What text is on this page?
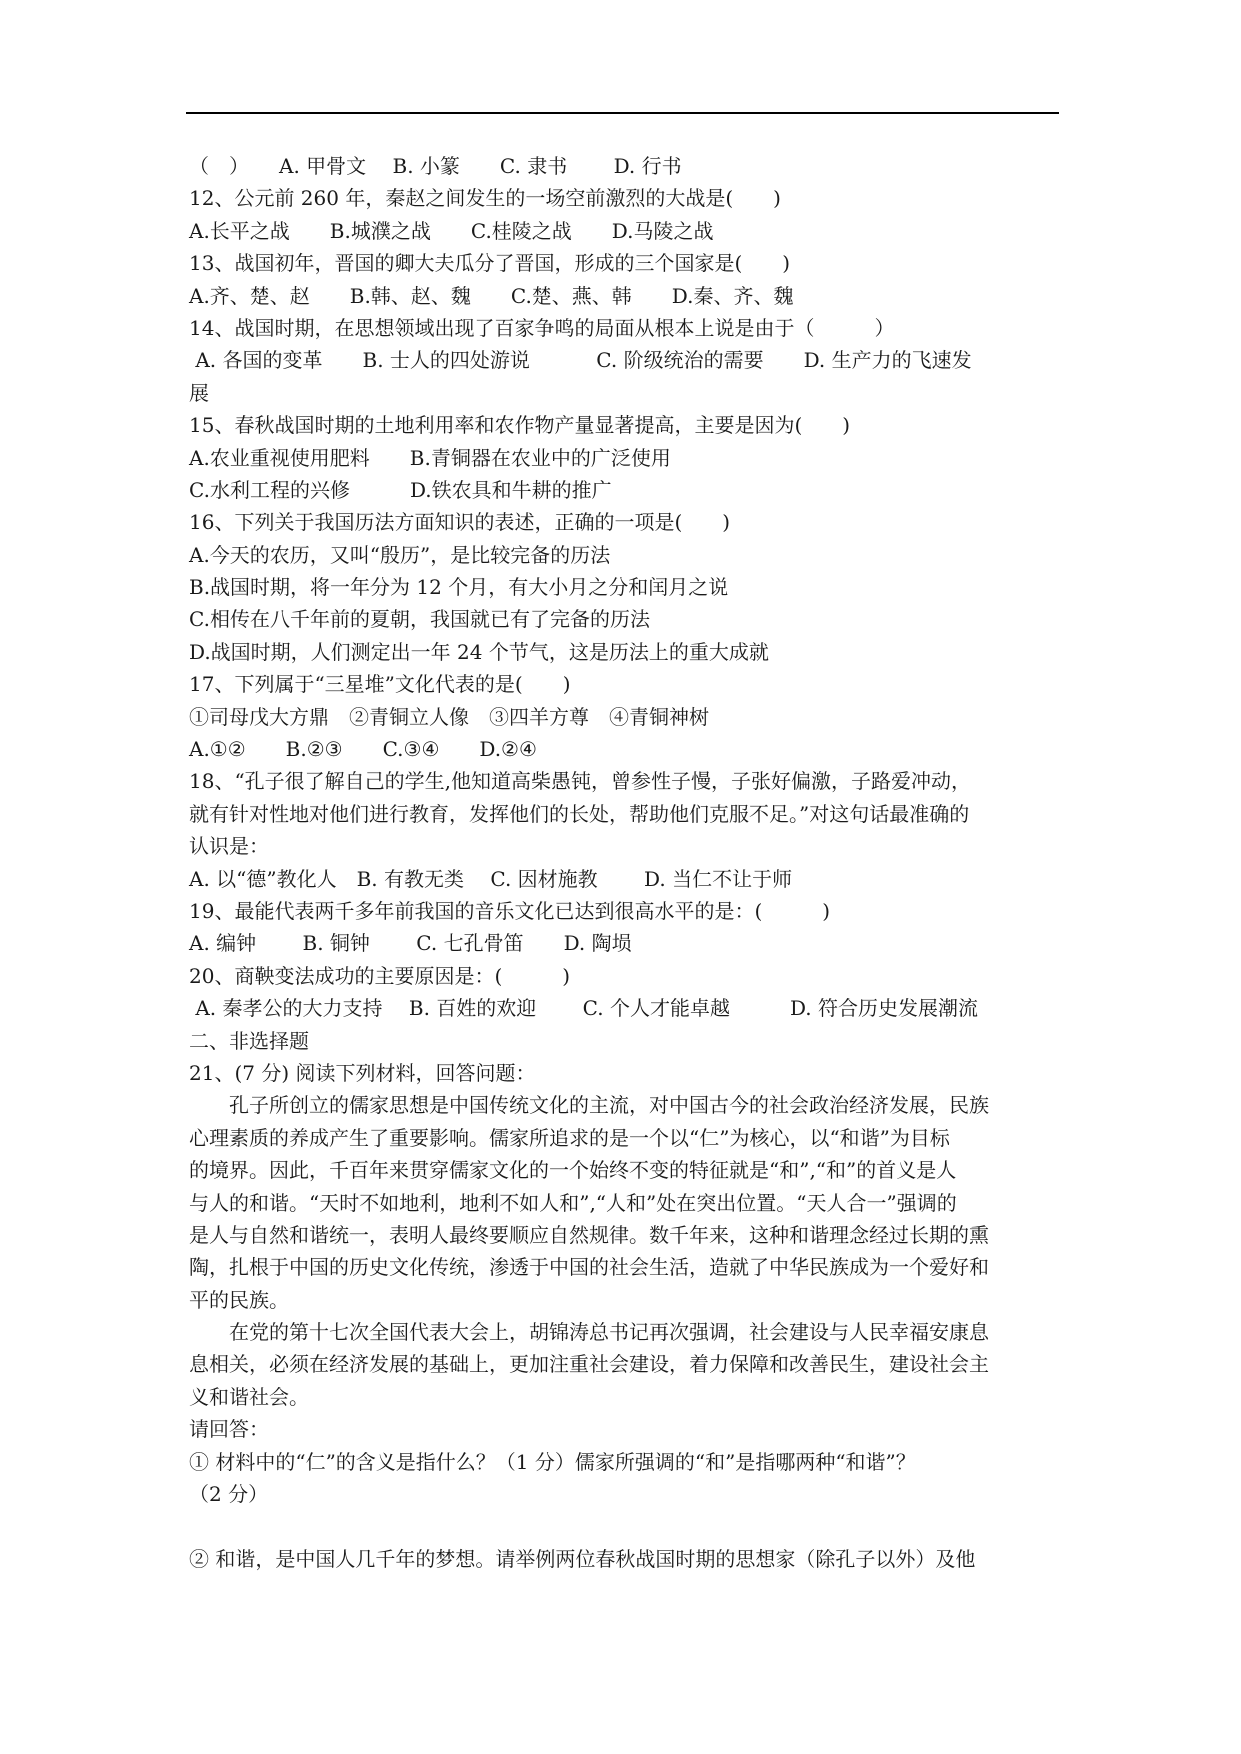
（　）　　A. 甲骨文　 B. 小篆　　C. 隶书　　 D. 行书
12、公元前 260 年，秦赵之间发生的一场空前激烈的大战是(　　)
A.长平之战　　B.城濮之战　　C.桂陵之战　　D.马陵之战
13、战国初年，晋国的卿大夫瓜分了晋国，形成的三个国家是(　　)
A.齐、楚、赵　　B.韩、赵、魏　　C.楚、燕、韩　　D.秦、齐、魏
14、战国时期，在思想领域出现了百家争鸣的局面从根本上说是由于（　　　）
A. 各国的变革　　B. 士人的四处游说　　　 C. 阶级统治的需要　　D. 生产力的飞速发
展
15、春秋战国时期的土地利用率和农作物产量显著提高，主要是因为(　　)
A.农业重视使用肥料　　B.青铜器在农业中的广泛使用
C.水利工程的兴修　　　D.铁农具和牛耕的推广
16、下列关于我国历法方面知识的表述，正确的一项是(　　)
A.今天的农历，又叫“殷历”，是比较完备的历法
B.战国时期，将一年分为 12 个月，有大小月之分和闰月之说
C.相传在八千年前的夏朝，我国就已有了完备的历法
D.战国时期，人们测定出一年 24 个节气，这是历法上的重大成就
17、下列属于“三星堆”文化代表的是(　　)
①司母戊大方鼎　②青铜立人像　③四羊方尊　④青铜神树
A.①②　　B.②③　　C.③④　　D.②④
18、“孔子很了解自己的学生,他知道高柴愚钝，曾参性子慢，子张好偏激，子路爱冲动，
就有针对性地对他们进行教育，发挥他们的长处，帮助他们克服不足。”对这句话最准确的
认识是：
A. 以“德”教化人　B. 有教无类　 C. 因材施教　　 D. 当仁不让于师
19、最能代表两千多年前我国的音乐文化已达到很高水平的是：(　　　)
A. 编钟　　 B. 铜钟　　 C. 七孔骨笛　　D. 陶埙
20、商鞅变法成功的主要原因是：(　　　)
A. 秦孝公的大力支持　 B. 百姓的欢迎　　 C. 个人才能卓越　　　D. 符合历史发展潮流
二、非选择题
21、(7 分) 阅读下列材料，回答问题：
　　孔子所创立的儒家思想是中国传统文化的主流，对中国古今的社会政治经济发展，民族
心理素质的养成产生了重要影响。儒家所追求的是一个以“仁”为核心，以“和谐”为目标
的境界。因此，千百年来贯穿儒家文化的一个始终不变的特征就是“和”,“和”的首义是人
与人的和谐。“天时不如地利，地利不如人和”,“人和”处在突出位置。“天人合一”强调的
是人与自然和谐统一，表明人最终要顺应自然规律。数千年来，这种和谐理念经过长期的熏
陶，扎根于中国的历史文化传统，渗透于中国的社会生活，造就了中华民族成为一个爱好和
平的民族。
　　在党的第十七次全国代表大会上，胡锦涛总书记再次强调，社会建设与人民幸福安康息
息相关，必须在经济发展的基础上，更加注重社会建设，着力保障和改善民生，建设社会主
义和谐社会。
请回答：
① 材料中的“仁”的含义是指什么？（1 分）儒家所强调的“和”是指哪两种“和谐”？
（2 分）
② 和谐，是中国人几千年的梦想。请举例两位春秋战国时期的思想家（除孔子以外）及他
